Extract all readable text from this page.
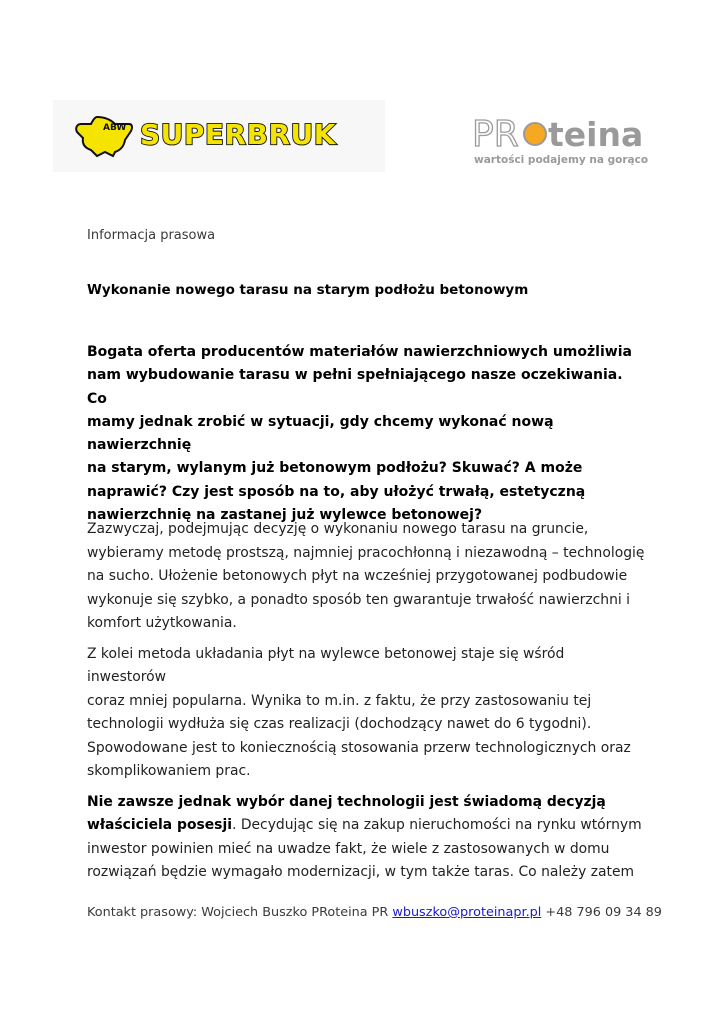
ABW SUPERBRUK	PR teina
wartości podajemy na gorąco
Informacja prasowa
Wykonanie nowego tarasu na starym podłożu betonowym
Bogata oferta producentów materiałów nawierzchniowych umożliwia
nam wybudowanie tarasu w pełni spełniającego nasze oczekiwania. Co
mamy jednak zrobić w sytuacji, gdy chcemy wykonać nową nawierzchnię
na starym, wylanym już betonowym podłożu? Skuwać? A może
naprawić? Czy jest sposób na to, aby ułożyć trwałą, estetyczną
nawierzchnię na zastanej już wylewce betonowej?

Zazwyczaj, podejmując decyzję o wykonaniu nowego tarasu na gruncie,
wybieramy metodę prostszą, najmniej pracochłonną i niezawodną – technologię
na sucho. Ułożenie betonowych płyt na wcześniej przygotowanej podbudowie
wykonuje się szybko, a ponadto sposób ten gwarantuje trwałość nawierzchni i
komfort użytkowania.

Z kolei metoda układania płyt na wylewce betonowej staje się wśród inwestorów
coraz mniej popularna. Wynika to m.in. z faktu, że przy zastosowaniu tej
technologii wydłuża się czas realizacji (dochodzący nawet do 6 tygodni).
Spowodowane jest to koniecznością stosowania przerw technologicznych oraz
skomplikowaniem prac.

Nie zawsze jednak wybór danej technologii jest świadomą decyzją
właściciela posesji. Decydując się na zakup nieruchomości na rynku wtórnym
inwestor powinien mieć na uwadze fakt, że wiele z zastosowanych w domu
rozwiązań będzie wymagało modernizacji, w tym także taras. Co należy zatem

Kontakt prasowy: Wojciech Buszko PRoteina PR wbuszko@proteinapr.pl +48 796 09 34 89
